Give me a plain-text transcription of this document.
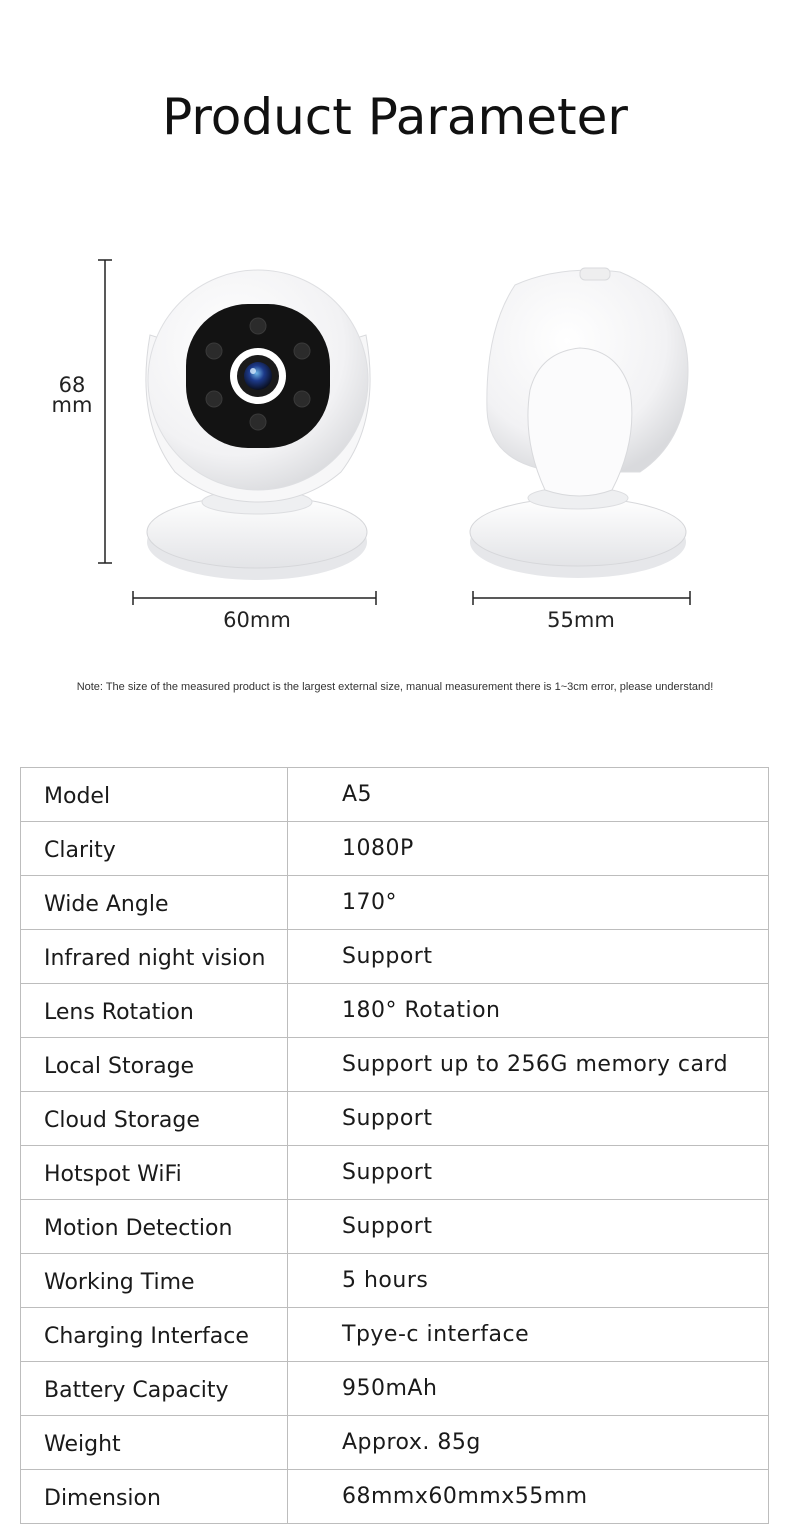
Product Parameter
68
mm
60mm	55mm
Note: The size of the measured product is the largest external size, manual measurement there is 1~3cm error, please understand!
Model	A5
Clarity	1080P
Wide Angle	170°
Infrared night vision	Support
Lens Rotation	180° Rotation
Local Storage	Support up to 256G memory card
Cloud Storage	Support
Hotspot WiFi	Support
Motion Detection	Support
Working Time	5 hours
Charging Interface	Tpye-c interface
Battery Capacity	950mAh
Weight	Approx. 85g
Dimension	68mmx60mmx55mm
